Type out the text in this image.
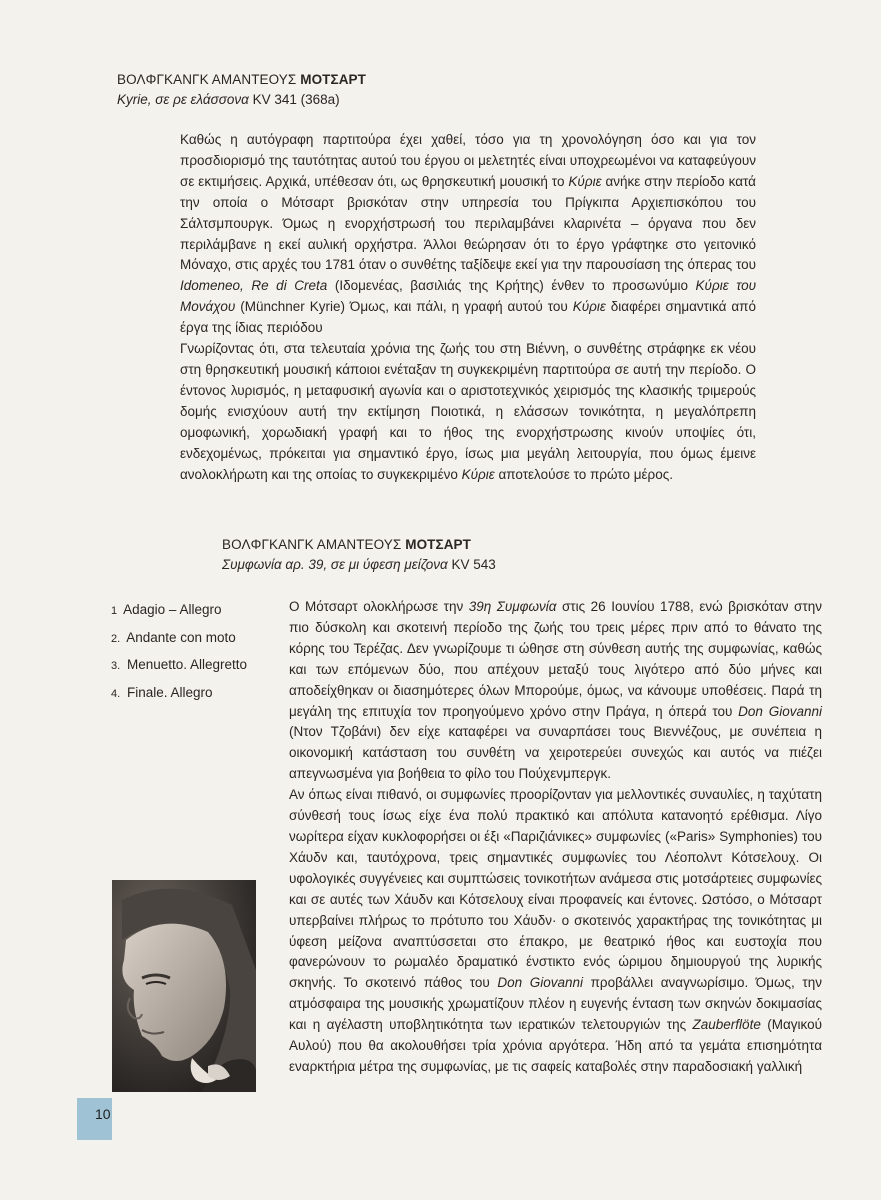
ΒΟΛΦΓΚΑΝΓΚ ΑΜΑΝΤΕΟΥΣ ΜΟΤΣΑΡΤ
Kyrie, σε ρε ελάσσονα KV 341 (368a)

Καθώς η αυτόγραφη παρτιτούρα έχει χαθεί, τόσο για τη χρονολόγηση όσο και για τον προσδιορισμό της ταυτότητας αυτού του έργου οι μελετητές είναι υποχρεωμένοι να καταφεύγουν σε εκτιμήσεις. Αρχικά, υπέθεσαν ότι, ως θρησκευτική μουσική το Κύριε ανήκε στην περίοδο κατά την οποία ο Μότσαρτ βρισκόταν στην υπηρεσία του Πρίγκιπα Αρχιεπισκόπου του Σάλτσμπουργκ. Όμως η ενορχήστρωσή του περιλαμβάνει κλαρινέτα – όργανα που δεν περιλάμβανε η εκεί αυλική ορχήστρα. Άλλοι θεώρησαν ότι το έργο γράφτηκε στο γειτονικό Μόναχο, στις αρχές του 1781 όταν ο συνθέτης ταξίδεψε εκεί για την παρουσίαση της όπερας του Idomeneo, Re di Creta (Ιδομενέας, βασιλιάς της Κρήτης) ένθεν το προσωνύμιο Κύριε του Μονάχου (Münchner Kyrie) Όμως, και πάλι, η γραφή αυτού του Κύριε διαφέρει σημαντικά από έργα της ίδιας περιόδου

Γνωρίζοντας ότι, στα τελευταία χρόνια της ζωής του στη Βιέννη, ο συνθέτης στράφηκε εκ νέου στη θρησκευτική μουσική κάποιοι ενέταξαν τη συγκεκριμένη παρτιτούρα σε αυτή την περίοδο. Ο έντονος λυρισμός, η μεταφυσική αγωνία και ο αριστοτεχνικός χειρισμός της κλασικής τριμερούς δομής ενισχύουν αυτή την εκτίμηση Ποιοτικά, η ελάσσων τονικότητα, η μεγαλόπρεπη ομοφωνική, χορωδιακή γραφή και το ήθος της ενορχήστρωσης κινούν υποψίες ότι, ενδεχομένως, πρόκειται για σημαντικό έργο, ίσως μια μεγάλη λειτουργία, που όμως έμεινε ανολοκλήρωτη και της οποίας το συγκεκριμένο Κύριε αποτελούσε το πρώτο μέρος.

ΒΟΛΦΓΚΑΝΓΚ ΑΜΑΝΤΕΟΥΣ ΜΟΤΣΑΡΤ
Συμφωνία αρ. 39, σε μι ύφεση μείζονα KV 543
1 Adagio – Allegro
2. Andante con moto
3. Menuetto. Allegretto
4. Finale. Allegro

Ο Μότσαρτ ολοκλήρωσε την 39η Συμφωνία στις 26 Ιουνίου 1788, ενώ βρισκόταν στην πιο δύσκολη και σκοτεινή περίοδο της ζωής του τρεις μέρες πριν από το θάνατο της κόρης του Τερέζας. Δεν γνωρίζουμε τι ώθησε στη σύνθεση αυτής της συμφωνίας, καθώς και των επόμενων δύο, που απέχουν μεταξύ τους λιγότερο από δύο μήνες και αποδείχθηκαν οι διασημότερες όλων Μπορούμε, όμως, να κάνουμε υποθέσεις. Παρά τη μεγάλη της επιτυχία τον προηγούμενο χρόνο στην Πράγα, η όπερά του Don Giovanni (Ντον Τζοβάνι) δεν είχε καταφέρει να συναρπάσει τους Βιεννέζους, με συνέπεια η οικονομική κατάσταση του συνθέτη να χειροτερεύει συνεχώς και αυτός να πιέζει απεγνωσμένα για βοήθεια το φίλο του Πούχενμπεργκ.

Αν όπως είναι πιθανό, οι συμφωνίες προορίζονταν για μελλοντικές συναυλίες, η ταχύτατη σύνθεσή τους ίσως είχε ένα πολύ πρακτικό και απόλυτα κατανοητό ερέθισμα. Λίγο νωρίτερα είχαν κυκλοφορήσει οι έξι «Παριζιάνικες» συμφωνίες («Paris» Symphonies) του Χάυδν και, ταυτόχρονα, τρεις σημαντικές συμφωνίες του Λέοπολντ Κότσελουχ. Οι υφολογικές συγγένειες και συμπτώσεις τονικοτήτων ανάμεσα στις μοτσάρτειες συμφωνίες και σε αυτές των Χάυδν και Κότσελουχ είναι προφανείς και έντονες. Ωστόσο, ο Μότσαρτ υπερβαίνει πλήρως το πρότυπο του Χάυδν· ο σκοτεινός χαρακτήρας της τονικότητας μι ύφεση μείζονα αναπτύσσεται στο έπακρο, με θεατρικό ήθος και ευστοχία που φανερώνουν το ρωμαλέο δραματικό ένστικτο ενός ώριμου δημιουργού της λυρικής σκηνής. Το σκοτεινό πάθος του Don Giovanni προβάλλει αναγνωρίσιμο. Όμως, την ατμόσφαιρα της μουσικής χρωματίζουν πλέον η ευγενής ένταση των σκηνών δοκιμασίας και η αγέλαστη υποβλητικότητα των ιερατικών τελετουργιών της Zauberflöte (Μαγικού Αυλού) που θα ακολουθήσει τρία χρόνια αργότερα. Ήδη από τα γεμάτα επισημότητα εναρκτήρια μέτρα της συμφωνίας, με τις σαφείς καταβολές στην παραδοσιακή γαλλική

10
